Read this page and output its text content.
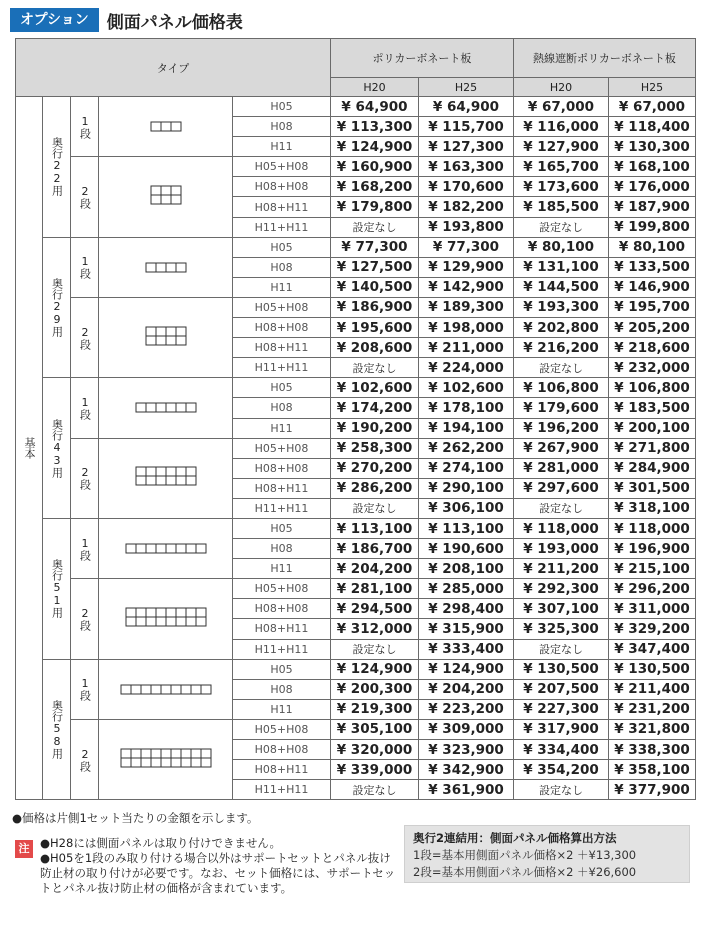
オプション	側面パネル価格表
タイプ					ポリカーボネート板		熱線遮断ポリカーボネート板	
					H20	H25	H20	H25
基本	奥行22用	1段		H05	¥ 64,900	¥ 64,900	¥ 67,000	¥ 67,000
				H08	¥ 113,300	¥ 115,700	¥ 116,000	¥ 118,400
				H11	¥ 124,900	¥ 127,300	¥ 127,900	¥ 130,300
		2段		H05+H08	¥ 160,900	¥ 163,300	¥ 165,700	¥ 168,100
				H08+H08	¥ 168,200	¥ 170,600	¥ 173,600	¥ 176,000
				H08+H11	¥ 179,800	¥ 182,200	¥ 185,500	¥ 187,900
				H11+H11	設定なし	¥ 193,800	設定なし	¥ 199,800
	奥行29用	1段		H05	¥ 77,300	¥ 77,300	¥ 80,100	¥ 80,100
				H08	¥ 127,500	¥ 129,900	¥ 131,100	¥ 133,500
				H11	¥ 140,500	¥ 142,900	¥ 144,500	¥ 146,900
		2段		H05+H08	¥ 186,900	¥ 189,300	¥ 193,300	¥ 195,700
				H08+H08	¥ 195,600	¥ 198,000	¥ 202,800	¥ 205,200
				H08+H11	¥ 208,600	¥ 211,000	¥ 216,200	¥ 218,600
				H11+H11	設定なし	¥ 224,000	設定なし	¥ 232,000
	奥行43用	1段		H05	¥ 102,600	¥ 102,600	¥ 106,800	¥ 106,800
				H08	¥ 174,200	¥ 178,100	¥ 179,600	¥ 183,500
				H11	¥ 190,200	¥ 194,100	¥ 196,200	¥ 200,100
		2段		H05+H08	¥ 258,300	¥ 262,200	¥ 267,900	¥ 271,800
				H08+H08	¥ 270,200	¥ 274,100	¥ 281,000	¥ 284,900
				H08+H11	¥ 286,200	¥ 290,100	¥ 297,600	¥ 301,500
				H11+H11	設定なし	¥ 306,100	設定なし	¥ 318,100
	奥行51用	1段		H05	¥ 113,100	¥ 113,100	¥ 118,000	¥ 118,000
				H08	¥ 186,700	¥ 190,600	¥ 193,000	¥ 196,900
				H11	¥ 204,200	¥ 208,100	¥ 211,200	¥ 215,100
		2段		H05+H08	¥ 281,100	¥ 285,000	¥ 292,300	¥ 296,200
				H08+H08	¥ 294,500	¥ 298,400	¥ 307,100	¥ 311,000
				H08+H11	¥ 312,000	¥ 315,900	¥ 325,300	¥ 329,200
				H11+H11	設定なし	¥ 333,400	設定なし	¥ 347,400
	奥行58用	1段		H05	¥ 124,900	¥ 124,900	¥ 130,500	¥ 130,500
				H08	¥ 200,300	¥ 204,200	¥ 207,500	¥ 211,400
				H11	¥ 219,300	¥ 223,200	¥ 227,300	¥ 231,200
		2段		H05+H08	¥ 305,100	¥ 309,000	¥ 317,900	¥ 321,800
				H08+H08	¥ 320,000	¥ 323,900	¥ 334,400	¥ 338,300
				H08+H11	¥ 339,000	¥ 342,900	¥ 354,200	¥ 358,100
				H11+H11	設定なし	¥ 361,900	設定なし	¥ 377,900
●価格は片側1セット当たりの金額を示します。
注 ●H28には側面パネルは取り付けできません。
●H05を1段のみ取り付ける場合以外はサポートセットとパネル抜け防止材の取り付けが必要です。なお、セット価格には、サポートセットとパネル抜け防止材の価格が含まれています。
奥行2連結用：側面パネル価格算出方法
1段=基本用側面パネル価格×2 ＋¥13,300
2段=基本用側面パネル価格×2 ＋¥26,600
